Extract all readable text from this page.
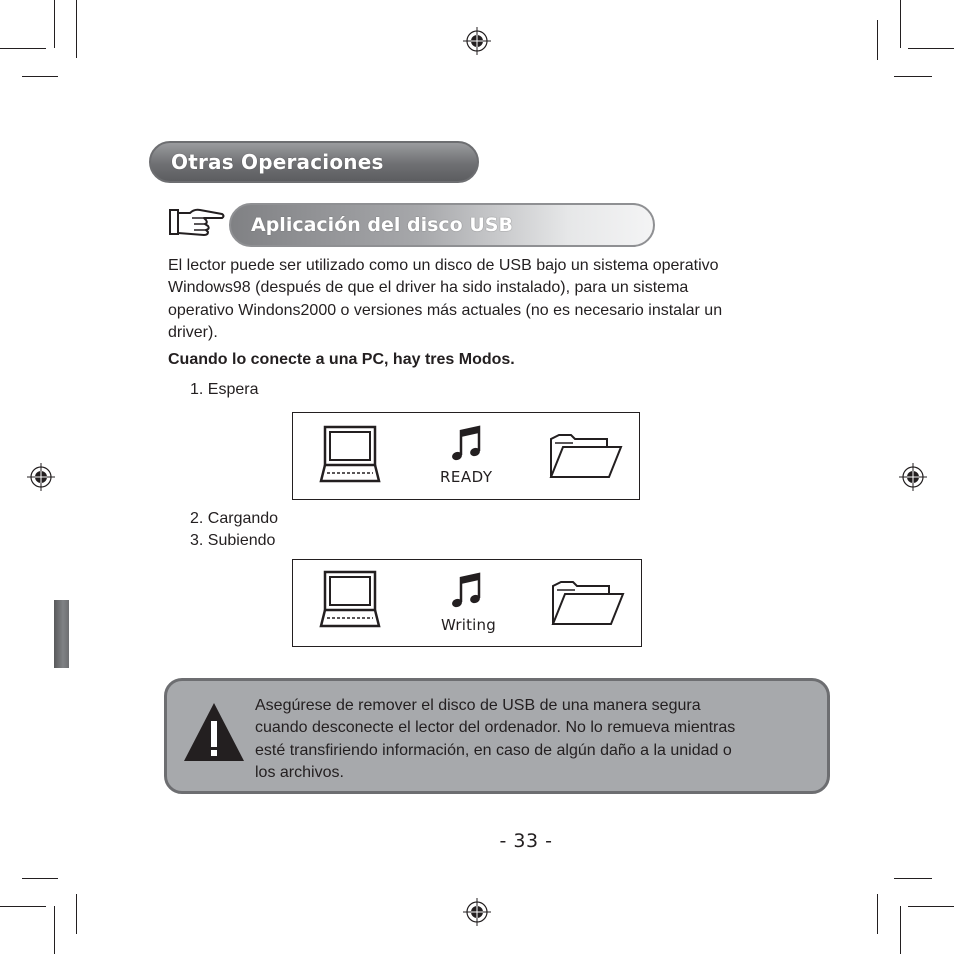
Otras Operaciones
Aplicación del disco USB
El lector puede ser utilizado como un disco de USB bajo un sistema operativo
Windows98 (después de que el driver ha sido instalado), para un sistema
operativo Windons2000 o versiones más actuales (no es necesario instalar un
driver).
Cuando lo conecte a una PC, hay tres Modos.
1. Espera
READY
2. Cargando
3. Subiendo
Writing
Asegúrese de remover el disco de USB de una manera segura
cuando desconecte el lector del ordenador. No lo remueva mientras
esté transfiriendo información, en caso de algún daño a la unidad o
los archivos.
- 33 -
